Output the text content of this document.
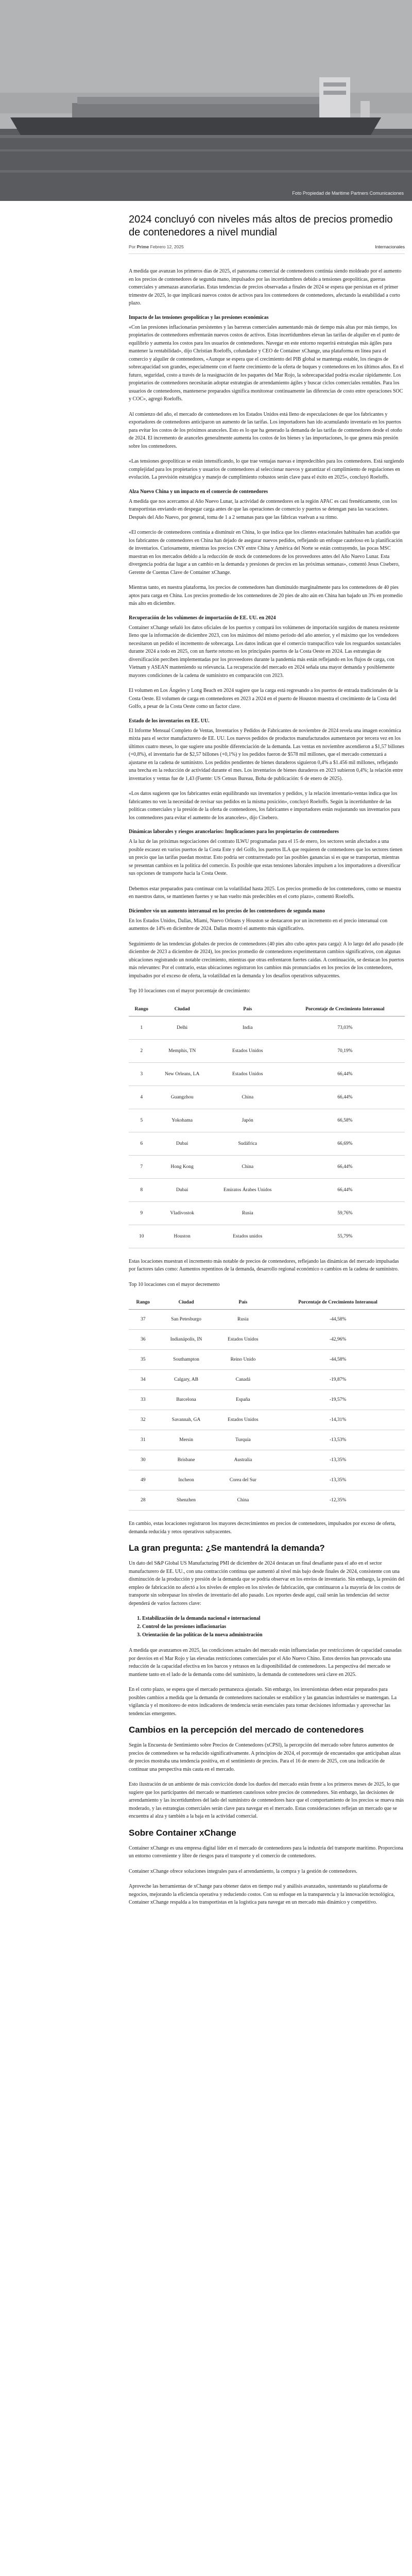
Foto Propiedad de Maritime Partners Comunicaciones
2024 concluyó con niveles más altos de precios promedio de contenedores a nivel mundial
Por Prime Febrero 12, 2025	Internacionales

A medida que avanzan los primeros días de 2025, el panorama comercial de contenedores continúa siendo moldeado por el aumento en los precios de contenedores de segunda mano, impulsados por las incertidumbres debido a tensiones geopolíticas, guerras comerciales y amenazas arancelarias. Estas tendencias de precios observadas a finales de 2024 se espera que persistan en el primer trimestre de 2025, lo que implicará nuevos costos de activos para los contenedores de contenedores, afectando la estabilidad a corto plazo.

Impacto de las tensiones geopolíticas y las presiones económicas

«Con las presiones inflacionarias persistentes y las barreras comerciales aumentando más de tiempo más altas por más tiempo, los propietarios de contenedores enfrentarán nuevos costos de activos. Estas incertidumbres elevan las tarifas de alquiler en el punto de equilibrio y aumenta los costos para los usuarios de contenedores. Navegar en este entorno requerirá estrategias más ágiles para mantener la rentabilidad», dijo Christian Roeloffs, cofundador y CEO de Container xChange, una plataforma en línea para el comercio y alquiler de contenedores, «Aunque se espera que el crecimiento del PIB global se mantenga estable, los riesgos de sobrecapacidad son grandes, especialmente con el fuerte crecimiento de la oferta de buques y contenedores en los últimos años. En el futuro, seguridad, costo a través de la reasignación de los paquetes del Mar Rojo, la sobrecapacidad podría escalar rápidamente. Los propietarios de contenedores necesitarán adoptar estrategias de arrendamiento ágiles y buscar ciclos comerciales rentables. Para los usuarios de contenedores, mantenerse preparados significa monitorear continuamente las diferencias de costo entre operaciones SOC y COC», agregó Roeloffs.

Al comienzo del año, el mercado de contenedores en los Estados Unidos está lleno de especulaciones de que los fabricantes y exportadores de contenedores anticiparon un aumento de las tarifas. Los importadores han ido acumulando inventario en los puertos para evitar los costos de los próximos aranceles. Esto es lo que ha generado la demanda de las tarifas de contenedores desde el otoño de 2024. El incremento de aranceles generalmente aumenta los costos de los bienes y las importaciones, lo que genera más presión sobre los contenedores.

«Las tensiones geopolíticas se están intensificando, lo que trae ventajas nuevas e impredecibles para los contenedores. Está surgiendo complejidad para los propietarios y usuarios de contenedores al seleccionar nuevos y garantizar el cumplimiento de regulaciones en evolución. La previsión estratégica y manejo de cumplimiento robustos serán clave para el éxito en 2025», concluyó Roeloffs.

Alza Nuevo China y un impacto en el comercio de contenedores

A medida que nos acercamos al Año Nuevo Lunar, la actividad de contenedores en la región APAC es casi frenéticamente, con los transportistas enviando en despegar carga antes de que las operaciones de comercio y puertos se detengan para las vacaciones. Después del Año Nuevo, por general, toma de 1 a 2 semanas para que las fábricas vuelvan a su ritmo.

«El comercio de contenedores continúa a disminuir en China, lo que indica que los clientes estacionales habituales han acudido que los fabricantes de contenedores en China han dejado de asegurar nuevos pedidos, reflejando un enfoque cauteloso en la planificación de inventarios. Curiosamente, mientras los precios CNY entre China y América del Norte se están contrayendo, las pocas MSC muestran en los mercados debido a la reducción de stock de contenedores de los proveedores antes del Año Nuevo Lunar. Esta divergencia podría dar lugar a un cambio en la demanda y presiones de precios en las próximas semanas», comentó Jesus Cisebero, Gerente de Cuentas Clave de Container xChange.

Mientras tanto, en nuestra plataforma, los precios de contenedores han disminuido marginalmente para los contenedores de 40 pies aptos para carga en China. Los precios promedio de los contenedores de 20 pies de alto aún en China han bajado un 3% en promedio más alto en diciembre.

Recuperación de los volúmenes de importación de EE. UU. en 2024

Container xChange señaló los datos oficiales de los puertos y compará los volúmenes de importación surgidos de manera resistente lleno que la información de diciembre 2023, con los máximos del mismo período del año anterior, y el máximo que los vendedores necesitaron un pedido el incremento de sobrecarga. Los datos indican que el comercio transpacífico vale los resguardos sustanciales durante 2024 a todo en 2025, con un fuerte retorno en los principales puertos de la Costa Oeste en 2024. Las estrategias de diversificación perciben implementadas por los proveedores durante la pandemia más están reflejando en los flujos de carga, con Vietnam y ASEAN manteniendo su relevancia. La recuperación del mercado en 2024 señala una mayor demanda y posiblemente mayores condiciones de la cadena de suministro en comparación con 2023.

El volumen en Los Ángeles y Long Beach en 2024 sugiere que la carga está regresando a los puertos de entrada tradicionales de la Costa Oeste. El volumen de carga en contenedores en 2023 a 2024 en el puerto de Houston muestra el crecimiento de la Costa del Golfo, a pesar de la Costa Oeste como un factor clave.

Estado de los inventarios en EE. UU.

El Informe Mensual Completo de Ventas, Inventarios y Pedidos de Fabricantes de noviembre de 2024 revela una imagen económica mixta para el sector manufacturero de EE. UU. Los nuevos pedidos de productos manufacturados aumentaron por tercera vez en los últimos cuatro meses, lo que sugiere una posible diferenciación de la demanda. Las ventas en noviembre ascendieron a $1,57 billones (+0,8%), el inventario fue de $2,57 billones (+0,1%) y los pedidos fueron de $578 mil millones, que el mercado comenzará a ajustarse en la cadena de suministro. Los pedidos pendientes de bienes duraderos siguieron 0,4% a $1.456 mil millones, reflejando una brecha en la reducción de actividad durante el mes. Los inventarios de bienes duraderos en 2023 subieron 0,4%; la relación entre inventarios y ventas fue de 1,43 (Fuente: US Census Bureau, Boha de publicación: 6 de enero de 2025).

«Los datos sugieren que los fabricantes están equilibrando sus inventarios y pedidos, y la relación inventario-ventas indica que los fabricantes no ven la necesidad de revisar sus pedidos en la misma posición», concluyó Roeloffs. Según la incertidumbre de las políticas comerciales y la presión de la oferta de contenedores, los fabricantes e importadores están reajustando sus inventarios para los contenedores para evitar el aumento de los aranceles», dijo Cisebero.

Dinámicas laborales y riesgos arancelarios: Implicaciones para los propietarios de contenedores

A la luz de las próximas negociaciones del contrato ILWU programadas para el 15 de enero, los sectores serán afectados a una posible escasez en varios puertos de la Costa Este y del Golfo, los puertos ILA que requieren de contenedores que los sectores tienen un precio que las tarifas puedan mostrar. Esto podría ser contrarrestado por las posibles ganancias si es que se transportan, mientras se presentan cambios en la política del comercio. Es posible que estas tensiones laborales impulsen a los importadores a diversificar sus opciones de transporte hacia la Costa Oeste.

Debemos estar preparados para continuar con la volatilidad hasta 2025. Los precios promedio de los contenedores, como se muestra en nuestros datos, se mantienen fuertes y se han vuelto más predecibles en el corto plazo», comentó Roeloffs.

Diciembre vio un aumento interanual en los precios de los contenedores de segunda mano

En los Estados Unidos, Dallas, Miami, Nuevo Orleans y Houston se destacaron por un incremento en el precio interanual con aumentos de 14% en diciembre de 2024. Dallas mostró el aumento más significativo.

Seguimiento de las tendencias globales de precios de contenedores (40 pies alto cubo aptos para carga): A lo largo del año pasado (de diciembre de 2023 a diciembre de 2024), los precios promedio de contenedores experimentaron cambios significativos, con algunas ubicaciones registrando un notable crecimiento, mientras que otras enfrentaron fuertes caídas. A continuación, se destacan los puertos más relevantes: Por el contrario, estas ubicaciones registraron los cambios más pronunciados en los precios de los contenedores, impulsados por el exceso de oferta, la volatilidad en la demanda y los desafíos operativos subyacentes.

Top 10 locaciones con el mayor porcentaje de crecimiento:

Rango	Ciudad	País	Porcentaje de Crecimiento Interanual
1	Delhi	India	73,03%
2	Memphis, TN	Estados Unidos	70,19%
3	New Orleans, LA	Estados Unidos	66,44%
4	Guangzhou	China	66,44%
5	Yokohama	Japón	66,58%
6	Dubai	Sudáfrica	66,69%
7	Hong Kong	China	66,44%
8	Dubai	Emiratos Árabes Unidos	66,44%
9	Vladivostok	Rusia	59,76%
10	Houston	Estados unidos	55,79%

Estas locaciones muestran el incremento más notable de precios de contenedores, reflejando las dinámicas del mercado impulsadas por factores tales como: Aumentos repentinos de la demanda, desarrollo regional económico o cambios en la cadena de suministro.

Top 10 locaciones con el mayor decremento

Rango	Ciudad	País	Porcentaje de Crecimiento Interanual
37	San Petesburgo	Rusia	-44,58%
36	Indianápolis, IN	Estados Unidos	-42,96%
35	Southampton	Reino Unido	-44,58%
34	Calgary, AB	Canadá	-19,87%
33	Barcelona	España	-19,57%
32	Savannah, GA	Estados Unidos	-14,31%
31	Mersin	Turquía	-13,53%
30	Brisbane	Australia	-13,35%
49	Incheon	Corea del Sur	-13,35%
28	Shenzhen	China	-12,35%

En cambio, estas locaciones registraron los mayores decrecimientos en precios de contenedores, impulsados por exceso de oferta, demanda reducida y retos operativos subyacentes.

La gran pregunta: ¿Se mantendrá la demanda?

Un dato del S&P Global US Manufacturing PMI de diciembre de 2024 destacan un final desafiante para el año en el sector manufacturero de EE. UU., con una contracción continua que aumentó al nivel más bajo desde finales de 2024, consistente con una disminución de la producción y presión de la demanda que se podría observar en los envíos de inventario. Sin embargo, la presión del empleo de fabricación no afectó a los niveles de empleo en los niveles de fabricación, que continuaron a la mayoría de los costos de transporte sin sobrepasar los niveles de inventario del año pasado. Los reportes desde aquí, cuál serán las tendencias del sector dependerá de varios factores clave:

1. Estabilización de la demanda nacional e internacional
2. Control de las presiones inflacionarias
3. Orientación de las políticas de la nueva administración

A medida que avanzamos en 2025, las condiciones actuales del mercado están influenciadas por restricciones de capacidad causadas por desvíos en el Mar Rojo y las elevadas restricciones comerciales por el Año Nuevo Chino. Estos desvíos han provocado una reducción de la capacidad efectiva en los barcos y retrasos en la disponibilidad de contenedores. La perspectiva del mercado se mantiene tanto en el lado de la demanda como del suministro, la demanda de contenedores será clave en 2025.

En el corto plazo, se espera que el mercado permanezca ajustado. Sin embargo, los inversionistas deben estar preparados para posibles cambios a medida que la demanda de contenedores nacionales se estabilice y las ganancias industriales se mantengan. La vigilancia y el monitoreo de estos indicadores de tendencia serán esenciales para tomar decisiones informadas y aprovechar las tendencias emergentes.

Cambios en la percepción del mercado de contenedores

Según la Encuesta de Sentimiento sobre Precios de Contenedores (xCPSI), la percepción del mercado sobre futuros aumentos de precios de contenedores se ha reducido significativamente. A principios de 2024, el porcentaje de encuestados que anticipaban alzas de precios mostraba una tendencia positiva, en el sentimiento de precios. Para el 16 de enero de 2025, con una indicación de continuar una perspectiva más cauta en el mercado.

Esto ilustración de un ambiente de más convicción donde los dueños del mercado están frente a los primeros meses de 2025, lo que sugiere que los participantes del mercado se mantienen cautelosos sobre precios de contenedores. Sin embargo, las decisiones de arrendamiento y las incertidumbres del lado del suministro de contenedores hace que el comportamiento de los precios se mueva más moderado, y las estrategias comerciales serán clave para navegar en el mercado. Estas consideraciones reflejan un mercado que se encuentra al alza y también a la baja en la actividad comercial.

Sobre Container xChange

Container xChange es una empresa digital líder en el mercado de contenedores para la industria del transporte marítimo. Proporciona un entorno conveniente y libre de riesgos para el transporte y el comercio de contenedores.

Container xChange ofrece soluciones integrales para el arrendamiento, la compra y la gestión de contenedores.

Aproveche las herramientas de xChange para obtener datos en tiempo real y análisis avanzados, sustentando su plataforma de negocios, mejorando la eficiencia operativa y reduciendo costos. Con su enfoque en la transparencia y la innovación tecnológica, Container xChange respalda a los transportistas en la logística para navegar en un mercado más dinámico y competitivo.
